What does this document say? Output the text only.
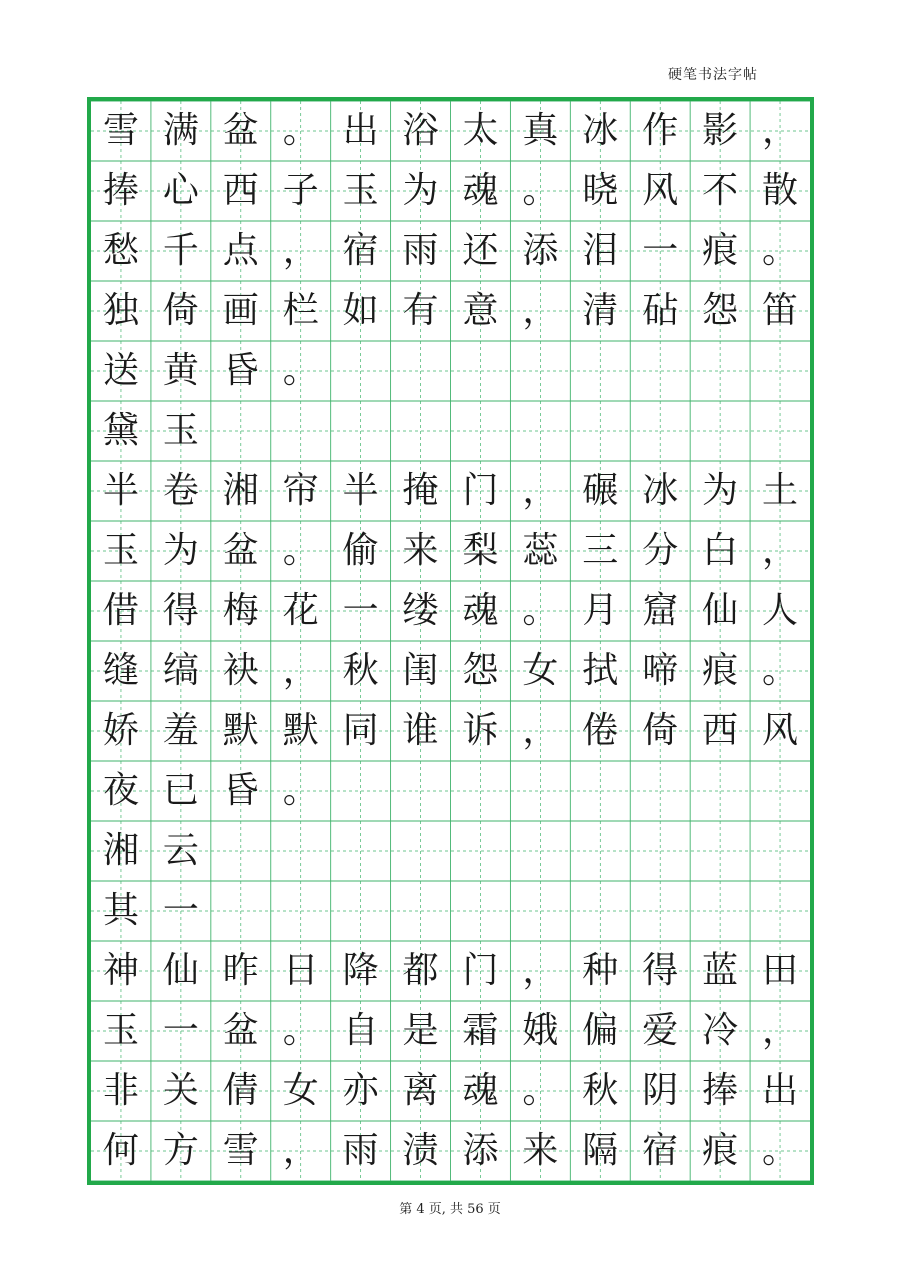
硬笔书法字帖
雪 满 盆 。 出 浴 太 真 冰 作 影 ，
捧 心 西 子 玉 为 魂 。 晓 风 不 散
愁 千 点 ， 宿 雨 还 添 泪 一 痕 。
独 倚 画 栏 如 有 意 ， 清 砧 怨 笛
送 黄 昏 。
黛 玉
半 卷 湘 帘 半 掩 门 ， 碾 冰 为 土
玉 为 盆 。 偷 来 梨 蕊 三 分 白 ，
借 得 梅 花 一 缕 魂 。 月 窟 仙 人
缝 缟 袂 ， 秋 闺 怨 女 拭 啼 痕 。
娇 羞 默 默 同 谁 诉 ， 倦 倚 西 风
夜 已 昏 。
湘 云
其 一
神 仙 昨 日 降 都 门 ， 种 得 蓝 田
玉 一 盆 。 自 是 霜 娥 偏 爱 冷 ，
非 关 倩 女 亦 离 魂 。 秋 阴 捧 出
何 方 雪 ， 雨 渍 添 来 隔 宿 痕 。
第 4 页, 共 56 页
